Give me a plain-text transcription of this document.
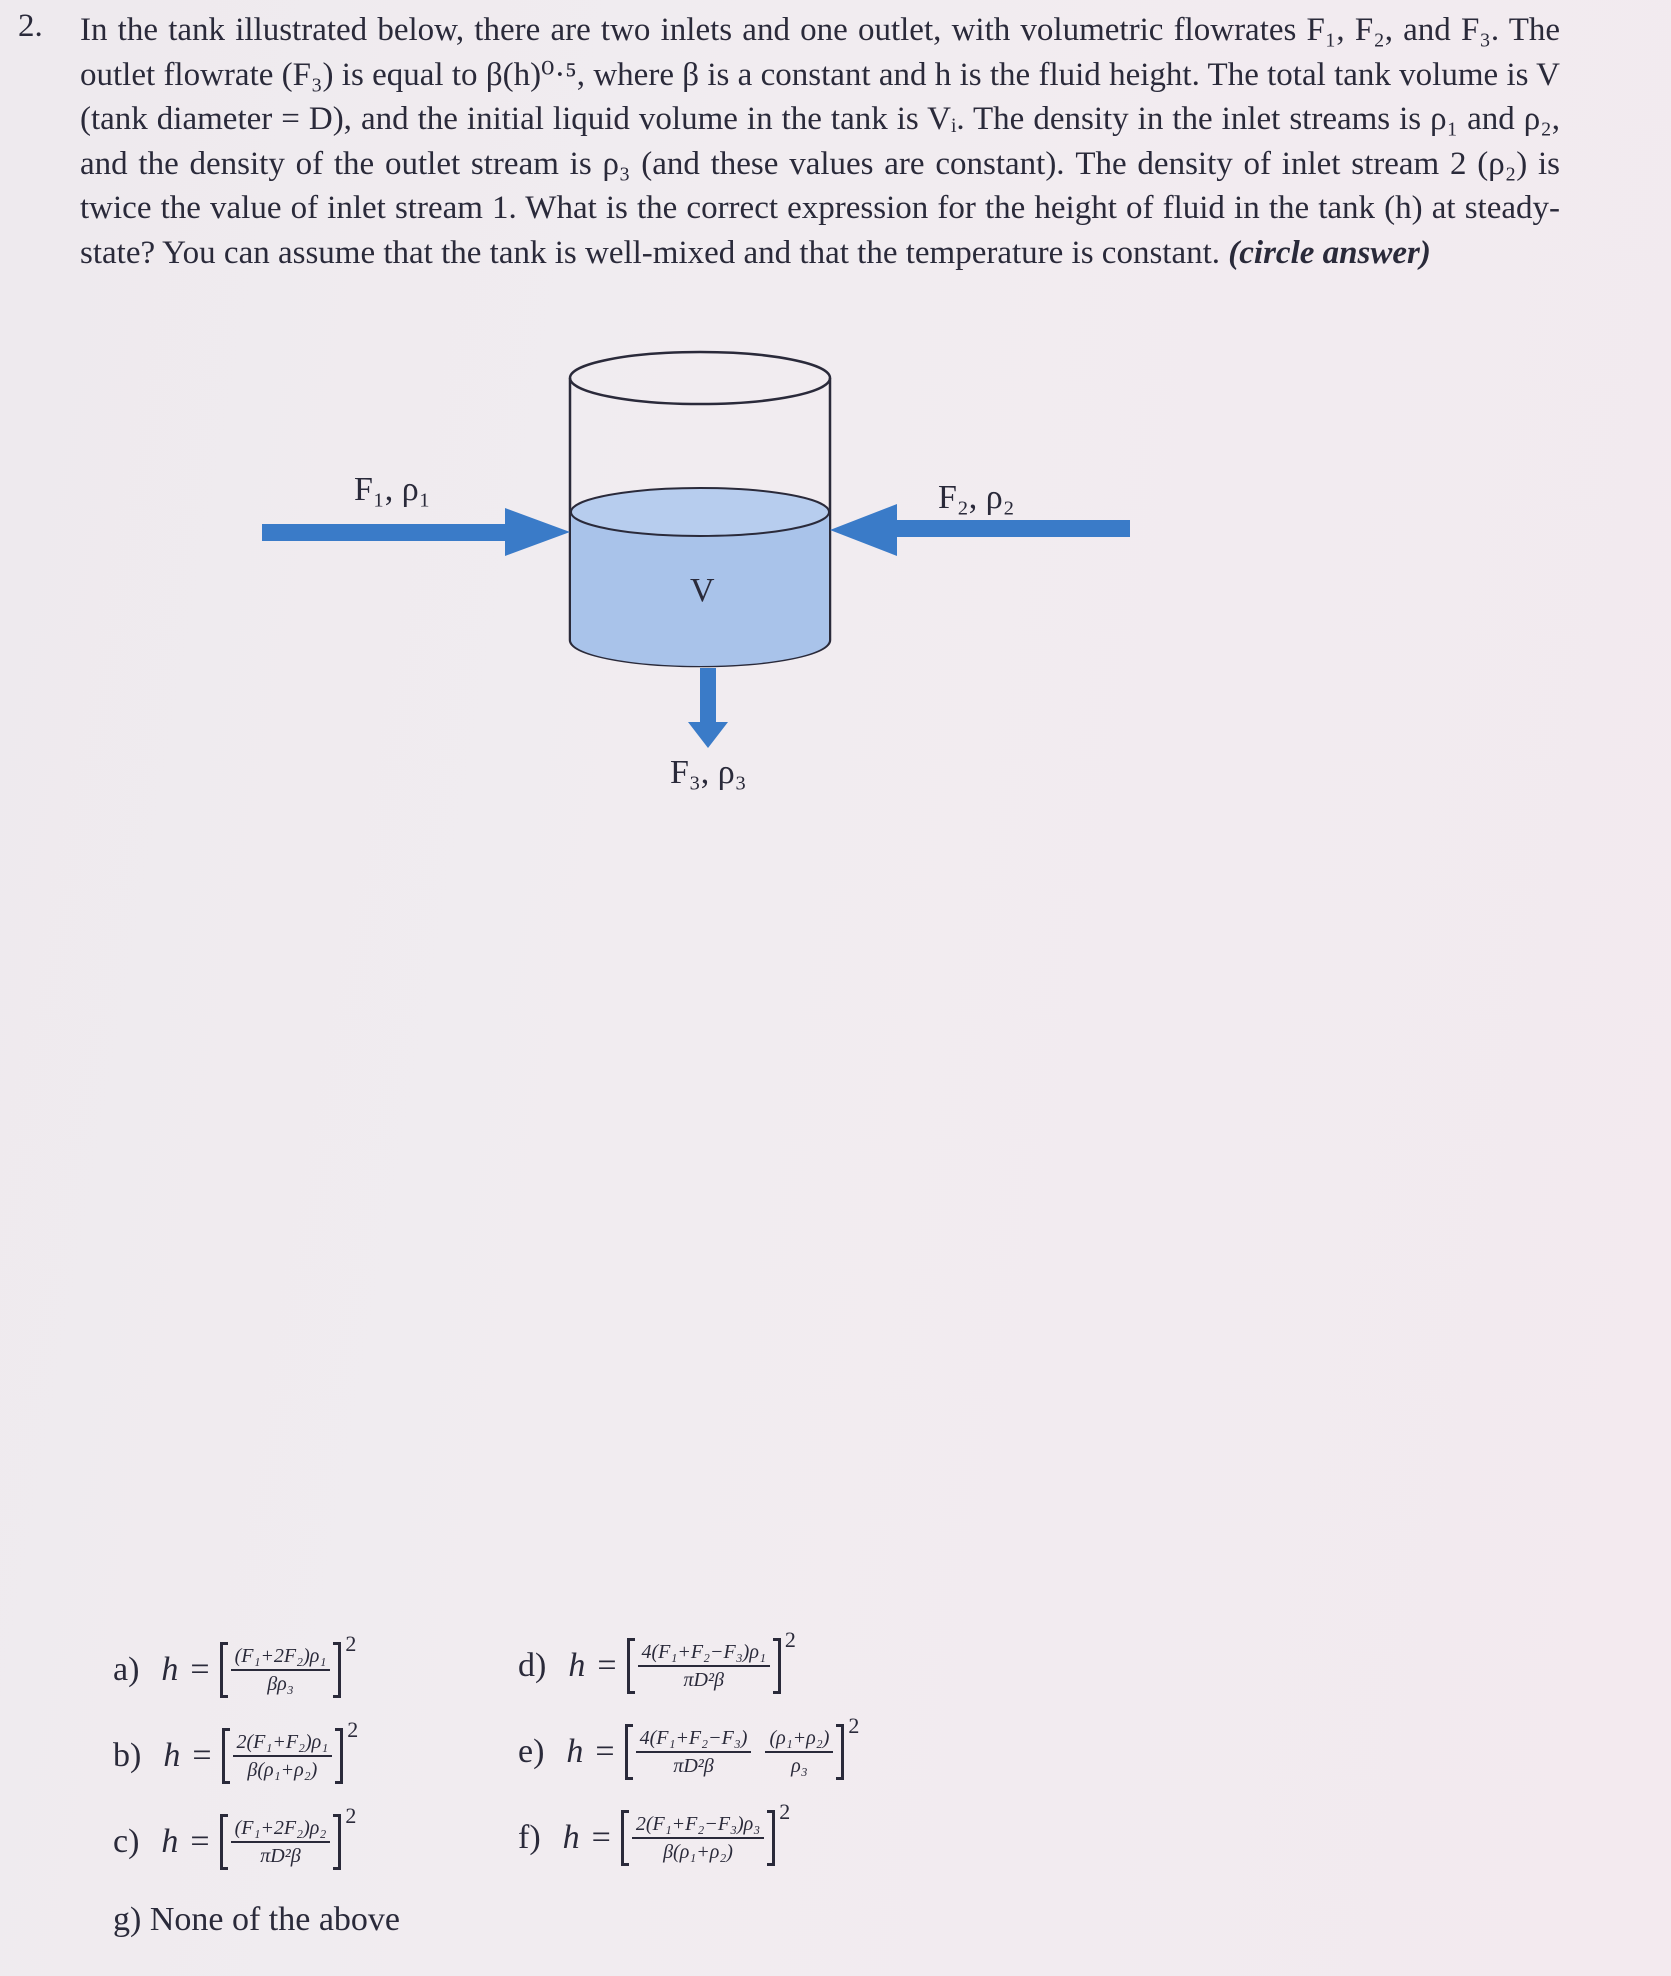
2. In the tank illustrated below, there are two inlets and one outlet, with volumetric flowrates F₁, F₂, and F₃. The outlet flowrate (F₃) is equal to β(h)⁰·⁵, where β is a constant and h is the fluid height. The total tank volume is V (tank diameter = D), and the initial liquid volume in the tank is Vᵢ. The density in the inlet streams is ρ₁ and ρ₂, and the density of the outlet stream is ρ₃ (and these values are constant). The density of inlet stream 2 (ρ₂) is twice the value of inlet stream 1. What is the correct expression for the height of fluid in the tank (h) at steady-state? You can assume that the tank is well-mixed and that the temperature is constant. (circle answer)
F₁, ρ₁	F₂, ρ₂
V
F₃, ρ₃
a) $h = \frac{\text{(F₁+2F₂)ρ₁}}{\text{βρ₃}}$
2
b) $h = \frac{\text{2(F₁+F₂)ρ₁}}{\text{β(ρ₁+ρ₂)}}$
2
c) $h = \frac{\text{(F₁+2F₂)ρ₂}}{\text{πD²β}}$
2
d) $h = \frac{\text{4(F₁+F₂−F₃)ρ₁}}{\text{πD²β}}$
2
e) $h = \frac{\text{4(F₁+F₂−F₃)}}{\text{πD²β}} \frac{\text{(ρ₁+ρ₂)}}{\text{ρ₃}}$
2
f) $h = \frac{\text{2(F₁+F₂−F₃)ρ₃}}{\text{β(ρ₁+ρ₂)}}$
2
g) None of the above
